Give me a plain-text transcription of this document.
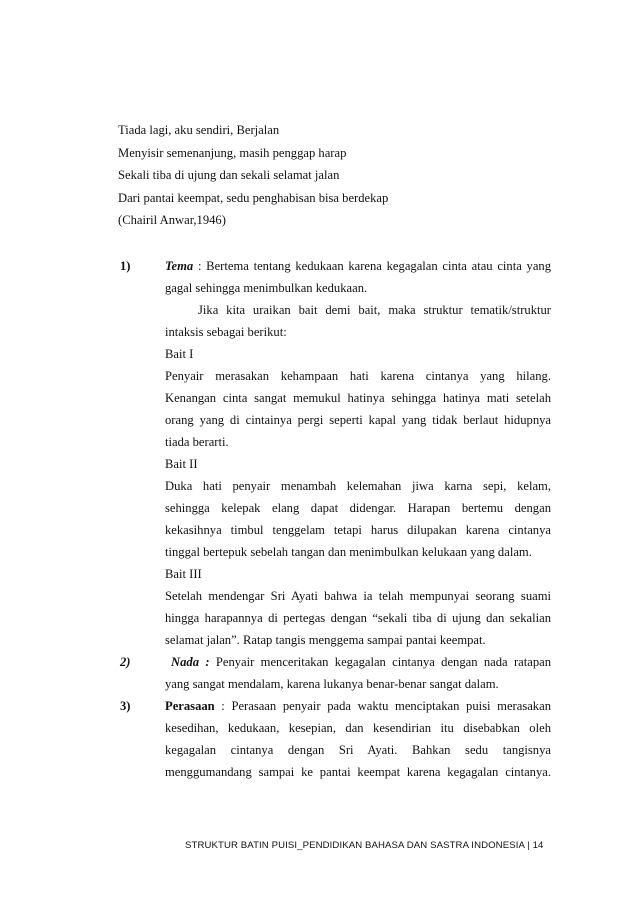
Tiada lagi, aku sendiri, Berjalan
Menyisir semenanjung, masih penggap harap
Sekali tiba di ujung dan sekali selamat jalan
Dari pantai keempat, sedu penghabisan bisa berdekap
(Chairil Anwar,1946)
1)	Tema : Bertema tentang kedukaan karena kegagalan cinta atau cinta yang
gagal sehingga menimbulkan kedukaan.
Jika kita uraikan bait demi bait, maka struktur tematik/struktur
intaksis sebagai berikut:
Bait I
Penyair merasakan kehampaan hati karena cintanya yang hilang.
Kenangan cinta sangat memukul hatinya sehingga hatinya mati setelah
orang yang di cintainya pergi seperti kapal yang tidak berlaut hidupnya
tiada berarti.
Bait II
Duka hati penyair menambah kelemahan jiwa karna sepi, kelam,
sehingga kelepak elang dapat didengar. Harapan bertemu dengan
kekasihnya timbul tenggelam tetapi harus dilupakan karena cintanya
tinggal bertepuk sebelah tangan dan menimbulkan kelukaan yang dalam.
Bait III
Setelah mendengar Sri Ayati bahwa ia telah mempunyai seorang suami
hingga harapannya di pertegas dengan “sekali tiba di ujung dan sekalian
selamat jalan”. Ratap tangis menggema sampai pantai keempat.
2)	Nada : Penyair menceritakan kegagalan cintanya dengan nada ratapan
yang sangat mendalam, karena lukanya benar-benar sangat dalam.
3)	Perasaan : Perasaan penyair pada waktu menciptakan puisi merasakan
kesedihan, kedukaan, kesepian, dan kesendirian itu disebabkan oleh
kegagalan cintanya dengan Sri Ayati. Bahkan sedu tangisnya
menggumandang sampai ke pantai keempat karena kegagalan cintanya.
STRUKTUR BATIN PUISI_PENDIDIKAN BAHASA DAN SASTRA INDONESIA | 14
